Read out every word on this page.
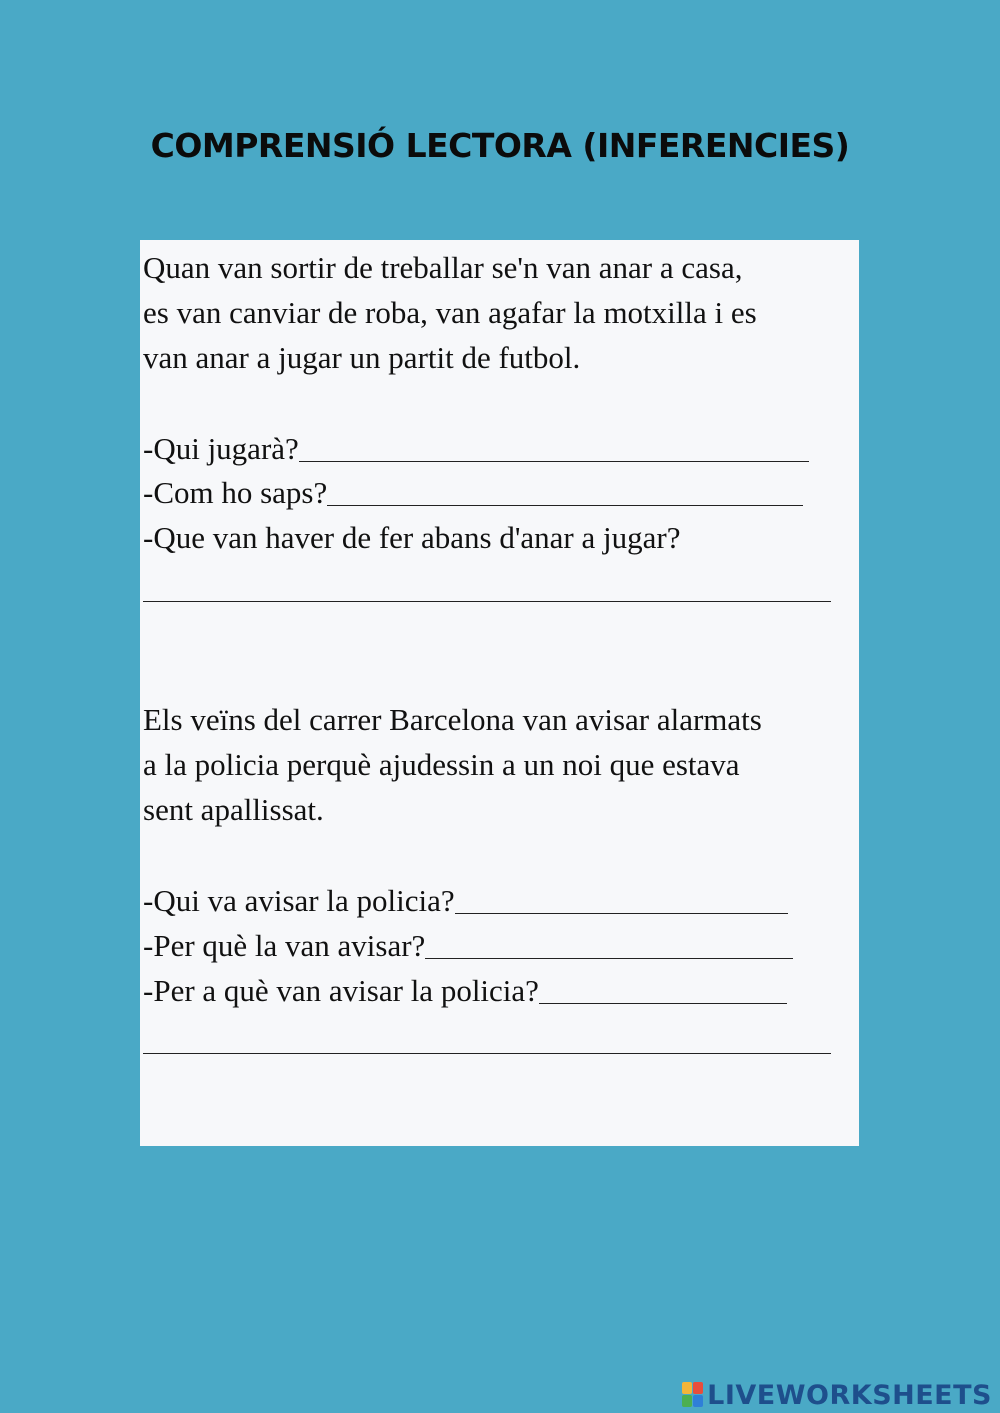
COMPRENSIÓ LECTORA (INFERENCIES)
Quan van sortir de treballar se'n van anar a casa,
es van canviar de roba, van agafar la motxilla i es
van anar a jugar un partit de futbol.
-Qui jugarà?
-Com ho saps?
-Que van haver de fer abans d'anar a jugar?
Els veïns del carrer Barcelona van avisar alarmats
a la policia perquè ajudessin a un noi que estava
sent apallissat.
-Qui va avisar la policia?
-Per què la van avisar?
-Per a què van avisar la policia?
LIVEWORKSHEETS
